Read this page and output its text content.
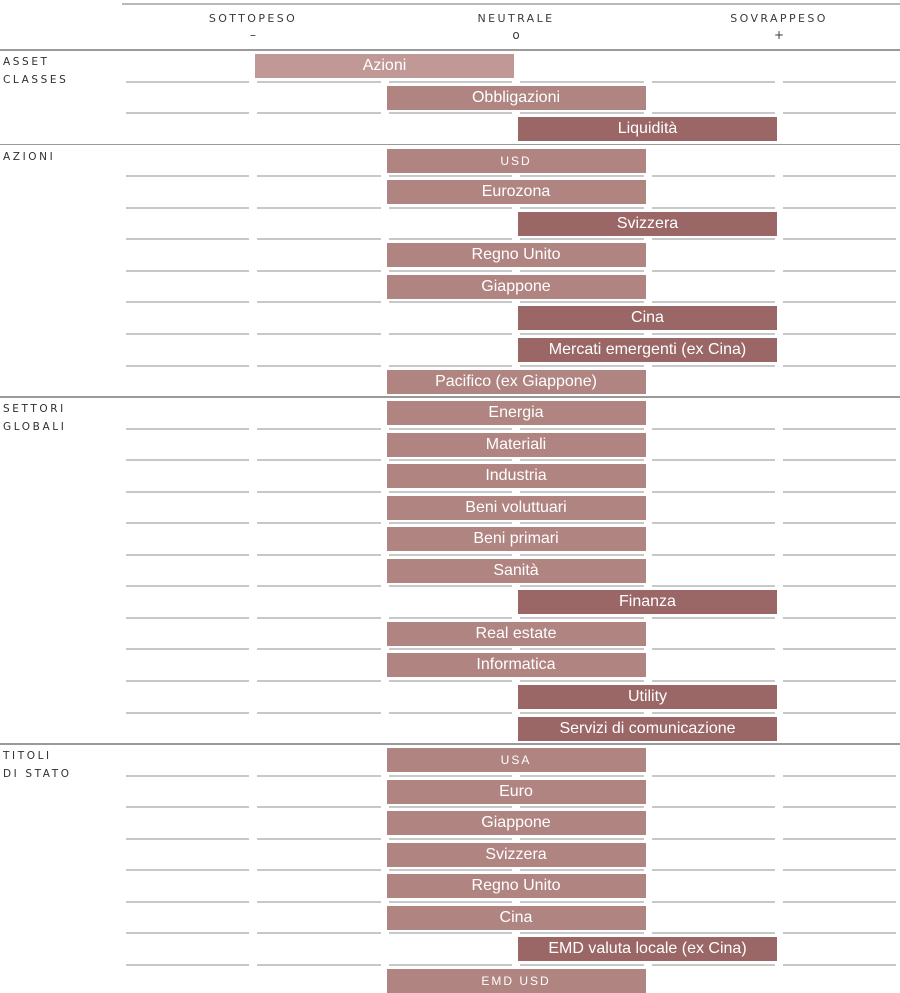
SOTTOPESO
–
NEUTRALE
o
SOVRAPPESO
+
ASSET
CLASSES
Azioni
Obbligazioni
Liquidità
AZIONI	USD
Eurozona
Svizzera
Regno Unito
Giappone
Cina
Mercati emergenti (ex Cina)
Pacifico (ex Giappone)
SETTORI
GLOBALI
Energia
Materiali
Industria
Beni voluttuari
Beni primari
Sanità
Finanza
Real estate
Informatica
Utility
Servizi di comunicazione
TITOLI
DI STATO
USA
Euro
Giappone
Svizzera
Regno Unito
Cina
EMD valuta locale (ex Cina)
EMD USD
